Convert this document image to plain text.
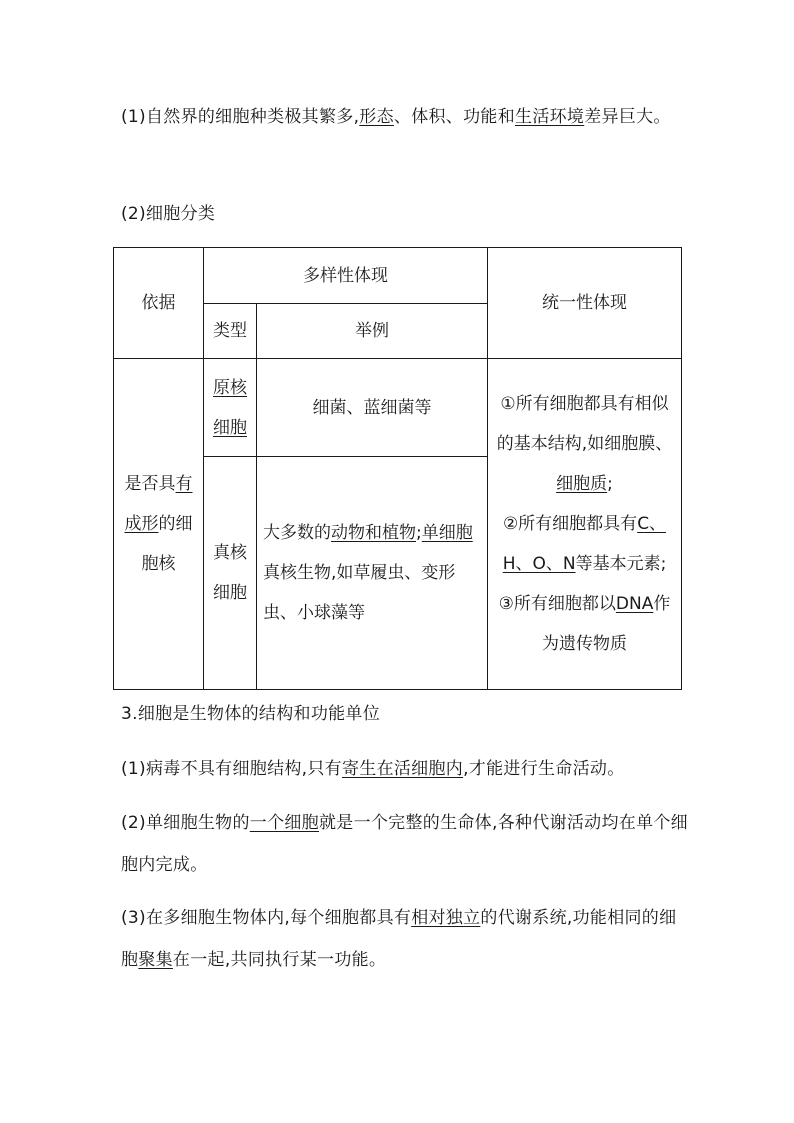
(1)自然界的细胞种类极其繁多,形态、体积、功能和生活环境差异巨大。

(2)细胞分类

依据	多样性体现		统一性体现
	类型	举例	
是否具有成形的细胞核	原核细胞	细菌、蓝细菌等	①所有细胞都具有相似的基本结构,如细胞膜、细胞质;
②所有细胞都具有C、H、O、N等基本元素;
③所有细胞都以DNA作为遗传物质

	真核细胞	大多数的动物和植物;单细胞真核生物,如草履虫、变形虫、小球藻等	

3.细胞是生物体的结构和功能单位

(1)病毒不具有细胞结构,只有寄生在活细胞内,才能进行生命活动。

(2)单细胞生物的一个细胞就是一个完整的生命体,各种代谢活动均在单个细胞内完成。

(3)在多细胞生物体内,每个细胞都具有相对独立的代谢系统,功能相同的细胞聚集在一起,共同执行某一功能。
